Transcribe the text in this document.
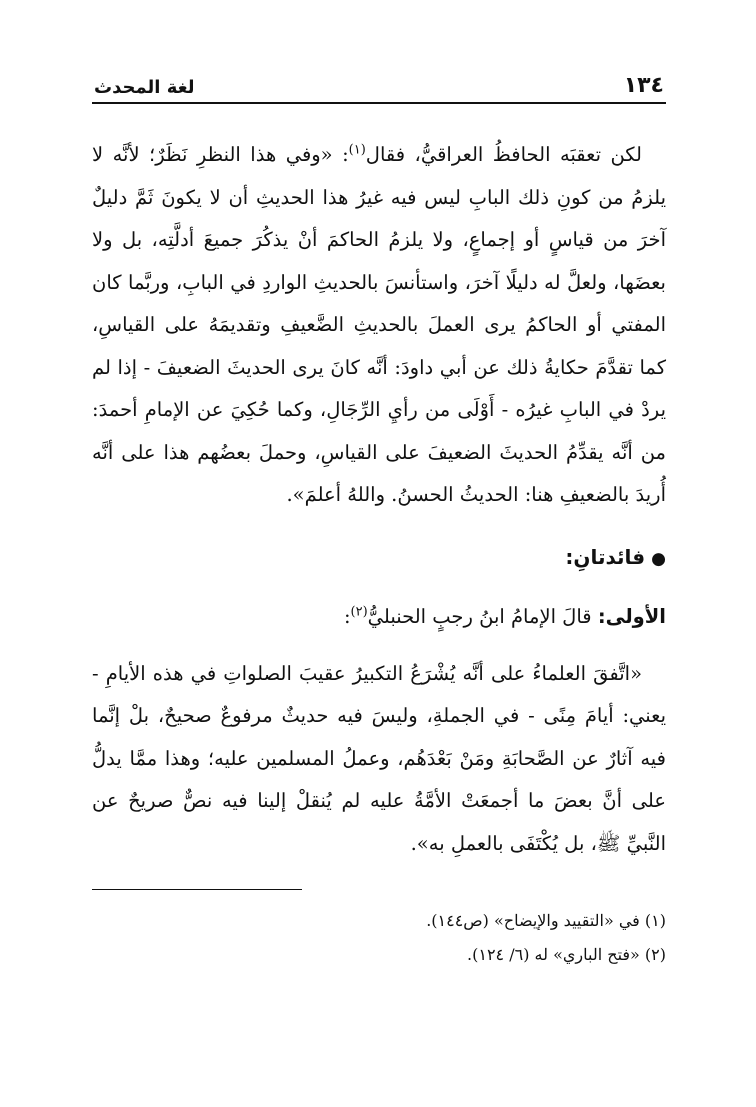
١٣٤
لغة المحدث

لكن تعقبَه الحافظُ العراقيُّ، فقال$^{(١)}$: «وفي هذا النظرِ نَظَرٌ؛ لأنَّه لا يلزمُ من كونِ ذلك البابِ ليس فيه غيرُ هذا الحديثِ أن لا يكونَ ثَمَّ دليلٌ آخرَ من قياسٍ أو إجماعٍ، ولا يلزمُ الحاكمَ أنْ يذكُرَ جميعَ أدلَّتِه، بل ولا بعضَها، ولعلَّ له دليلًا آخرَ، واستأنسَ بالحديثِ الواردِ في البابِ، وربَّما كان المفتي أو الحاكمُ يرى العملَ بالحديثِ الضَّعيفِ وتقديمَهُ على القياسِ، كما تقدَّمَ حكايةُ ذلك عن أبي داودَ: أنَّه كانَ يرى الحديثَ الضعيفَ - إذا لم يردْ في البابِ غيرُه - أَوْلَى من رأيِ الرِّجَالِ، وكما حُكِيَ عن الإمامِ أحمدَ: من أنَّه يقدِّمُ الحديثَ الضعيفَ على القياسِ، وحملَ بعضُهم هذا على أنَّه أُريدَ بالضعيفِ هنا: الحديثُ الحسنُ. واللهُ أعلمَ».

●فائدتانِ:

الأولى: قالَ الإمامُ ابنُ رجبٍ الحنبليُّ$^{(٢)}$:

«اتَّفقَ العلماءُ على أنَّه يُشْرَعُ التكبيرُ عقيبَ الصلواتِ في هذه الأيامِ - يعني: أيامَ مِنًى - في الجملةِ، وليسَ فيه حديثٌ مرفوعٌ صحيحٌ، بلْ إنَّما فيه آثارٌ عن الصَّحابَةِ ومَنْ بَعْدَهُم، وعملُ المسلمين عليه؛ وهذا ممَّا يدلُّ على أنَّ بعضَ ما أجمعَتْ الأمَّةُ عليه لم يُنقلْ إلينا فيه نصٌّ صريحٌ عن النَّبيِّ ﷺ، بل يُكْتَفَى بالعملِ به».

(١) في «التقييد والإيضاح» (ص١٤٤).

(٢) «فتح الباري» له (٦/ ١٢٤).
